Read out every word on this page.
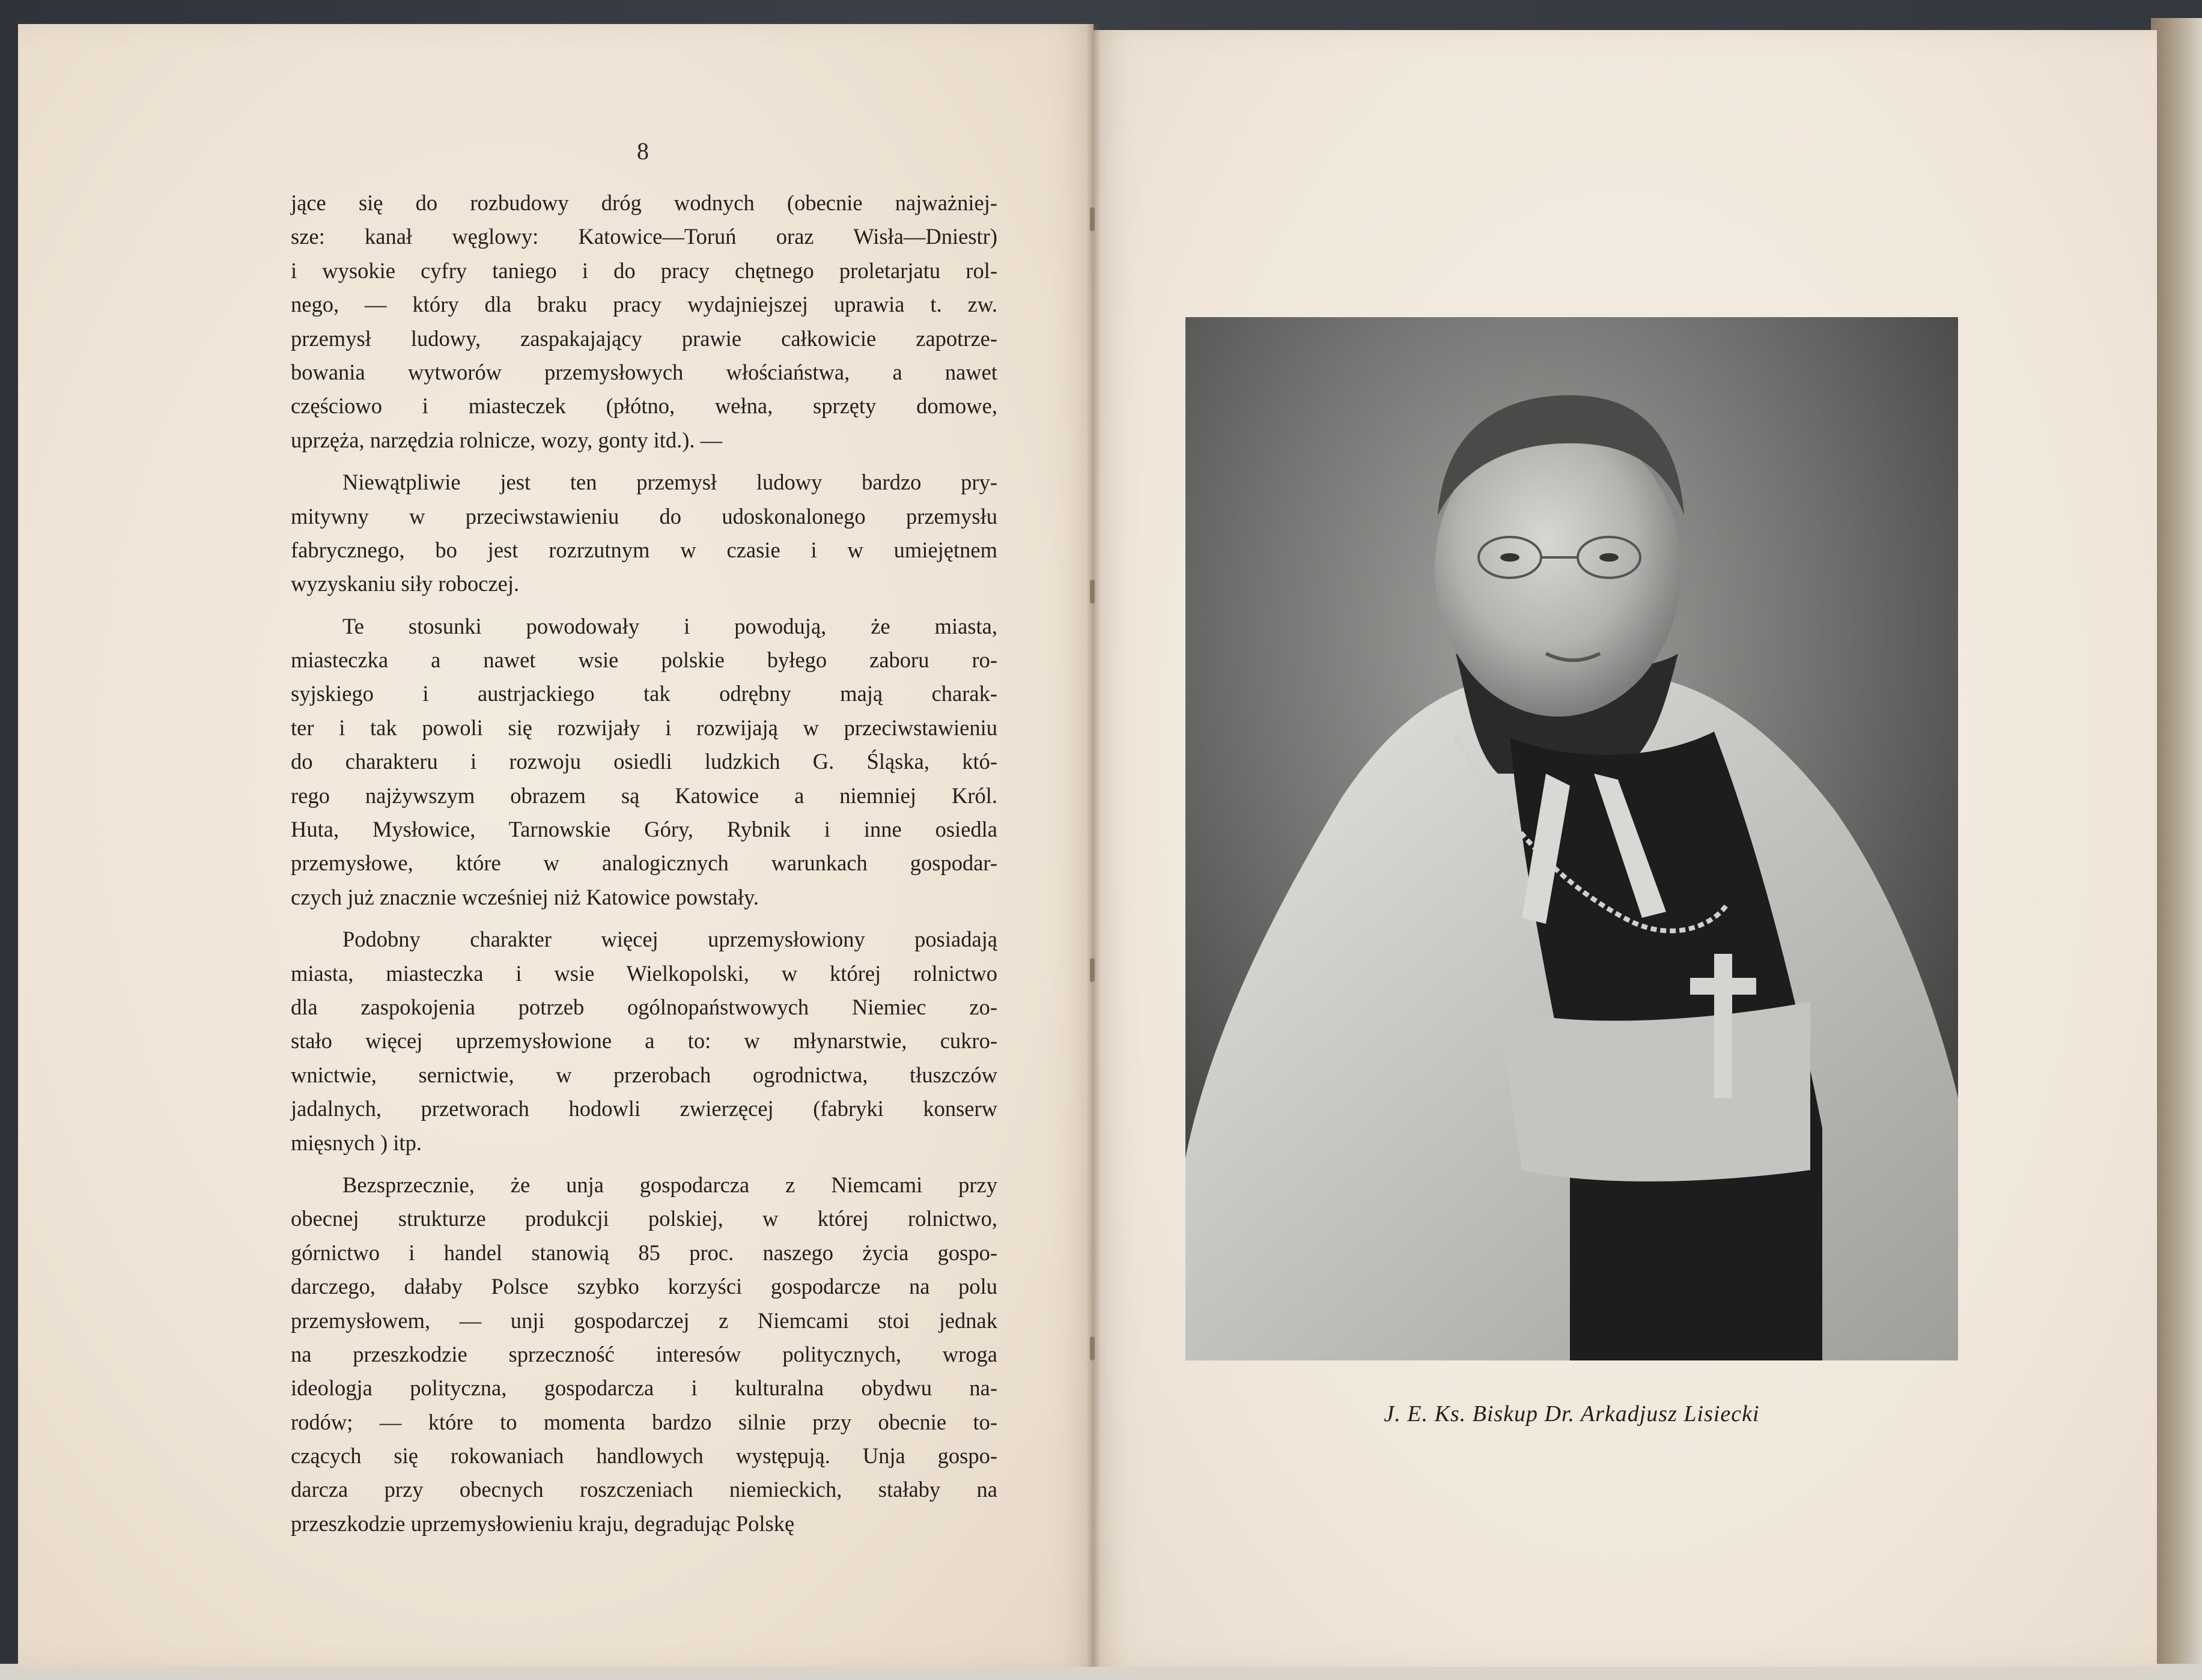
8
jące się do rozbudowy dróg wodnych (obecnie najważniej-
sze: kanał węglowy: Katowice—Toruń oraz Wisła—Dniestr)
i wysokie cyfry taniego i do pracy chętnego proletarjatu rol-
nego, — który dla braku pracy wydajniejszej uprawia t. zw.
przemysł ludowy, zaspakajający prawie całkowicie zapotrze-
bowania wytworów przemysłowych włościaństwa, a nawet
częściowo i miasteczek (płótno, wełna, sprzęty domowe,
uprzęża, narzędzia rolnicze, wozy, gonty itd.). —
Niewątpliwie jest ten przemysł ludowy bardzo pry-
mitywny w przeciwstawieniu do udoskonalonego przemysłu
fabrycznego, bo jest rozrzutnym w czasie i w umiejętnem
wyzyskaniu siły roboczej.
Te stosunki powodowały i powodują, że miasta,
miasteczka a nawet wsie polskie byłego zaboru ro-
syjskiego i austrjackiego tak odrębny mają charak-
ter i tak powoli się rozwijały i rozwijają w przeciwstawieniu
do charakteru i rozwoju osiedli ludzkich G. Śląska, któ-
rego najżywszym obrazem są Katowice a niemniej Król.
Huta, Mysłowice, Tarnowskie Góry, Rybnik i inne osiedla
przemysłowe, które w analogicznych warunkach gospodar-
czych już znacznie wcześniej niż Katowice powstały.
Podobny charakter więcej uprzemysłowiony posiadają
miasta, miasteczka i wsie Wielkopolski, w której rolnictwo
dla zaspokojenia potrzeb ogólnopaństwowych Niemiec zo-
stało więcej uprzemysłowione a to: w młynarstwie, cukro-
wnictwie, sernictwie, w przerobach ogrodnictwa, tłuszczów
jadalnych, przetworach hodowli zwierzęcej (fabryki konserw
mięsnych ) itp.
Bezsprzecznie, że unja gospodarcza z Niemcami przy
obecnej strukturze produkcji polskiej, w której rolnictwo,
górnictwo i handel stanowią 85 proc. naszego życia gospo-
darczego, dałaby Polsce szybko korzyści gospodarcze na polu
przemysłowem, — unji gospodarczej z Niemcami stoi jednak
na przeszkodzie sprzeczność interesów politycznych, wroga
ideologja polityczna, gospodarcza i kulturalna obydwu na-
rodów; — które to momenta bardzo silnie przy obecnie to-
czących się rokowaniach handlowych występują. Unja gospo-
darcza przy obecnych roszczeniach niemieckich, stałaby na
przeszkodzie uprzemysłowieniu kraju, degradując Polskę
J. E. Ks. Biskup Dr. Arkadjusz Lisiecki
